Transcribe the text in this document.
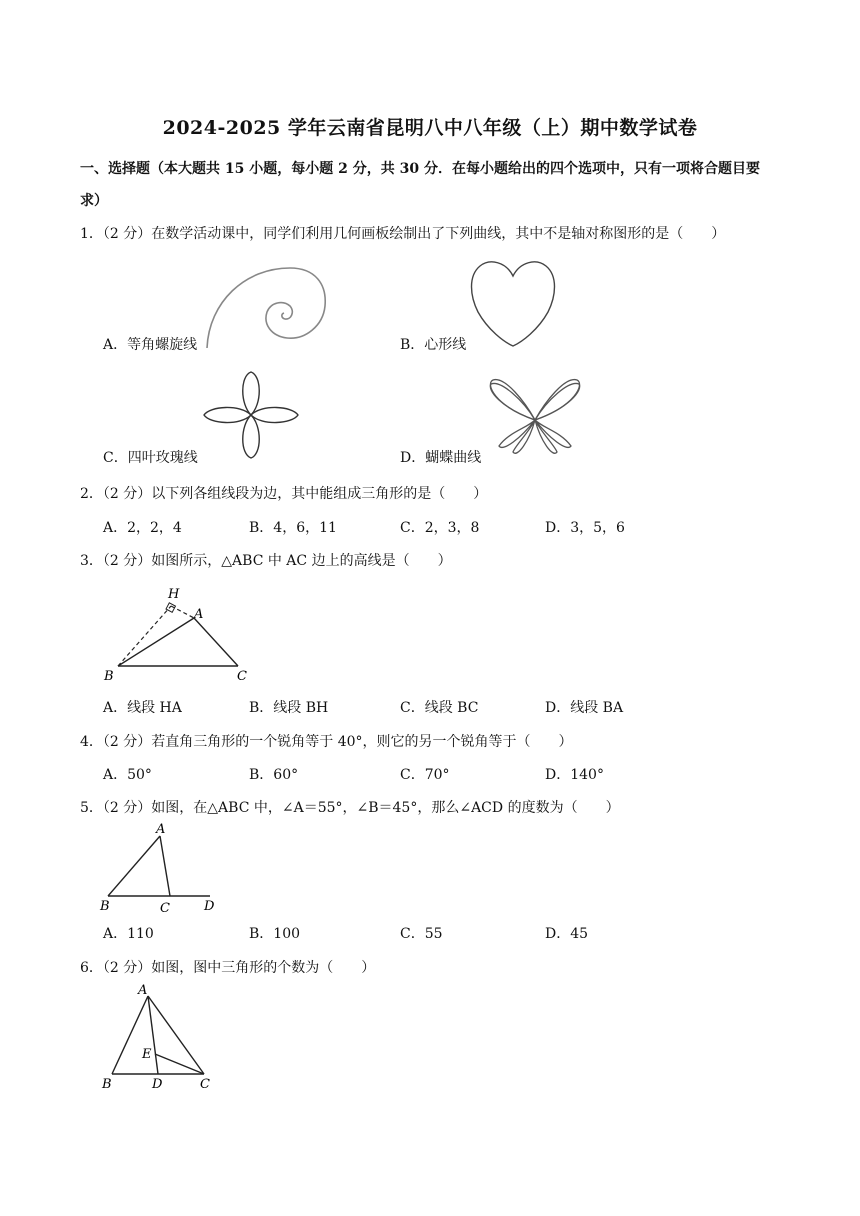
2024-2025 学年云南省昆明八中八年级（上）期中数学试卷
一、选择题（本大题共 15 小题，每小题 2 分，共 30 分．在每小题给出的四个选项中，只有一项将合题目要求）
1．（2 分）在数学活动课中，同学们利用几何画板绘制出了下列曲线，其中不是轴对称图形的是（　　）
A．等角螺旋线	B．心形线
C．四叶玫瑰线	D．蝴蝶曲线
2．（2 分）以下列各组线段为边，其中能组成三角形的是（　　）
A．2，2，4	B．4，6，11	C．2，3，8	D．3，5，6
3．（2 分）如图所示，△ABC 中 AC 边上的高线是（　　）
H
A
B	C
A．线段 HA	B．线段 BH	C．线段 BC	D．线段 BA
4．（2 分）若直角三角形的一个锐角等于 40°，则它的另一个锐角等于（　　）
A．50°	B．60°	C．70°	D．140°
5．（2 分）如图，在△ABC 中，∠A＝55°，∠B＝45°，那么∠ACD 的度数为（　　）
A
B	C	D
A．110	B．100	C．55	D．45
6．（2 分）如图，图中三角形的个数为（　　）
A
E
B	D	C
